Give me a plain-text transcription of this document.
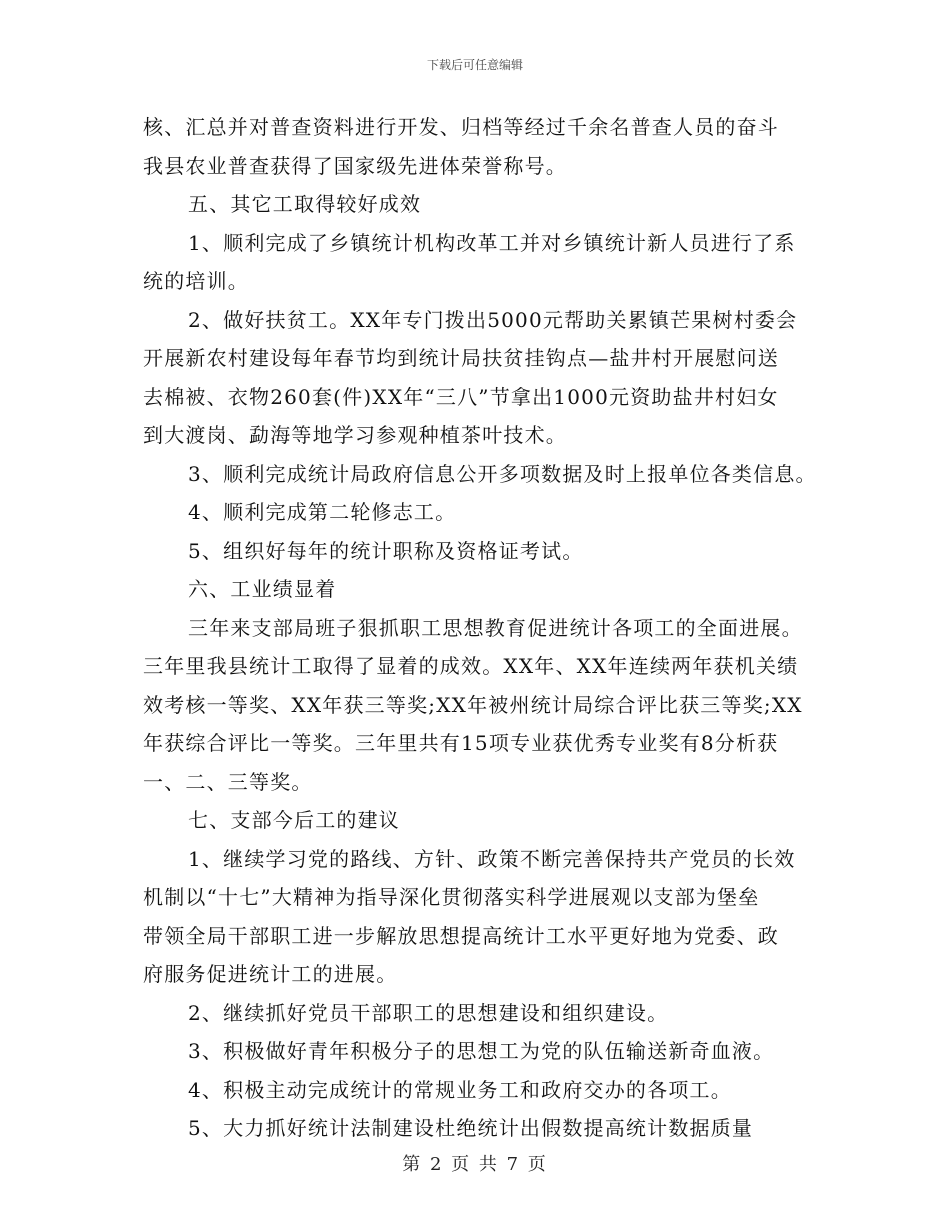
下载后可任意编辑
核、汇总并对普查资料进行开发、归档等经过千余名普查人员的奋斗
我县农业普查获得了国家级先进体荣誉称号。
五、其它工取得较好成效
1、顺利完成了乡镇统计机构改革工并对乡镇统计新人员进行了系
统的培训。
2、做好扶贫工。XX年专门拨出5000元帮助关累镇芒果树村委会
开展新农村建设每年春节均到统计局扶贫挂钩点—盐井村开展慰问送
去棉被、衣物260套(件)XX年“三八”节拿出1000元资助盐井村妇女
到大渡岗、勐海等地学习参观种植茶叶技术。
3、顺利完成统计局政府信息公开多项数据及时上报单位各类信息。
4、顺利完成第二轮修志工。
5、组织好每年的统计职称及资格证考试。
六、工业绩显着
三年来支部局班子狠抓职工思想教育促进统计各项工的全面进展。
三年里我县统计工取得了显着的成效。XX年、XX年连续两年获机关绩
效考核一等奖、XX年获三等奖;XX年被州统计局综合评比获三等奖;XX
年获综合评比一等奖。三年里共有15项专业获优秀专业奖有8分析获
一、二、三等奖。
七、支部今后工的建议
1、继续学习党的路线、方针、政策不断完善保持共产党员的长效
机制以“十七”大精神为指导深化贯彻落实科学进展观以支部为堡垒
带领全局干部职工进一步解放思想提高统计工水平更好地为党委、政
府服务促进统计工的进展。
2、继续抓好党员干部职工的思想建设和组织建设。
3、积极做好青年积极分子的思想工为党的队伍输送新奇血液。
4、积极主动完成统计的常规业务工和政府交办的各项工。
5、大力抓好统计法制建设杜绝统计出假数提高统计数据质量
第 2 页 共 7 页
